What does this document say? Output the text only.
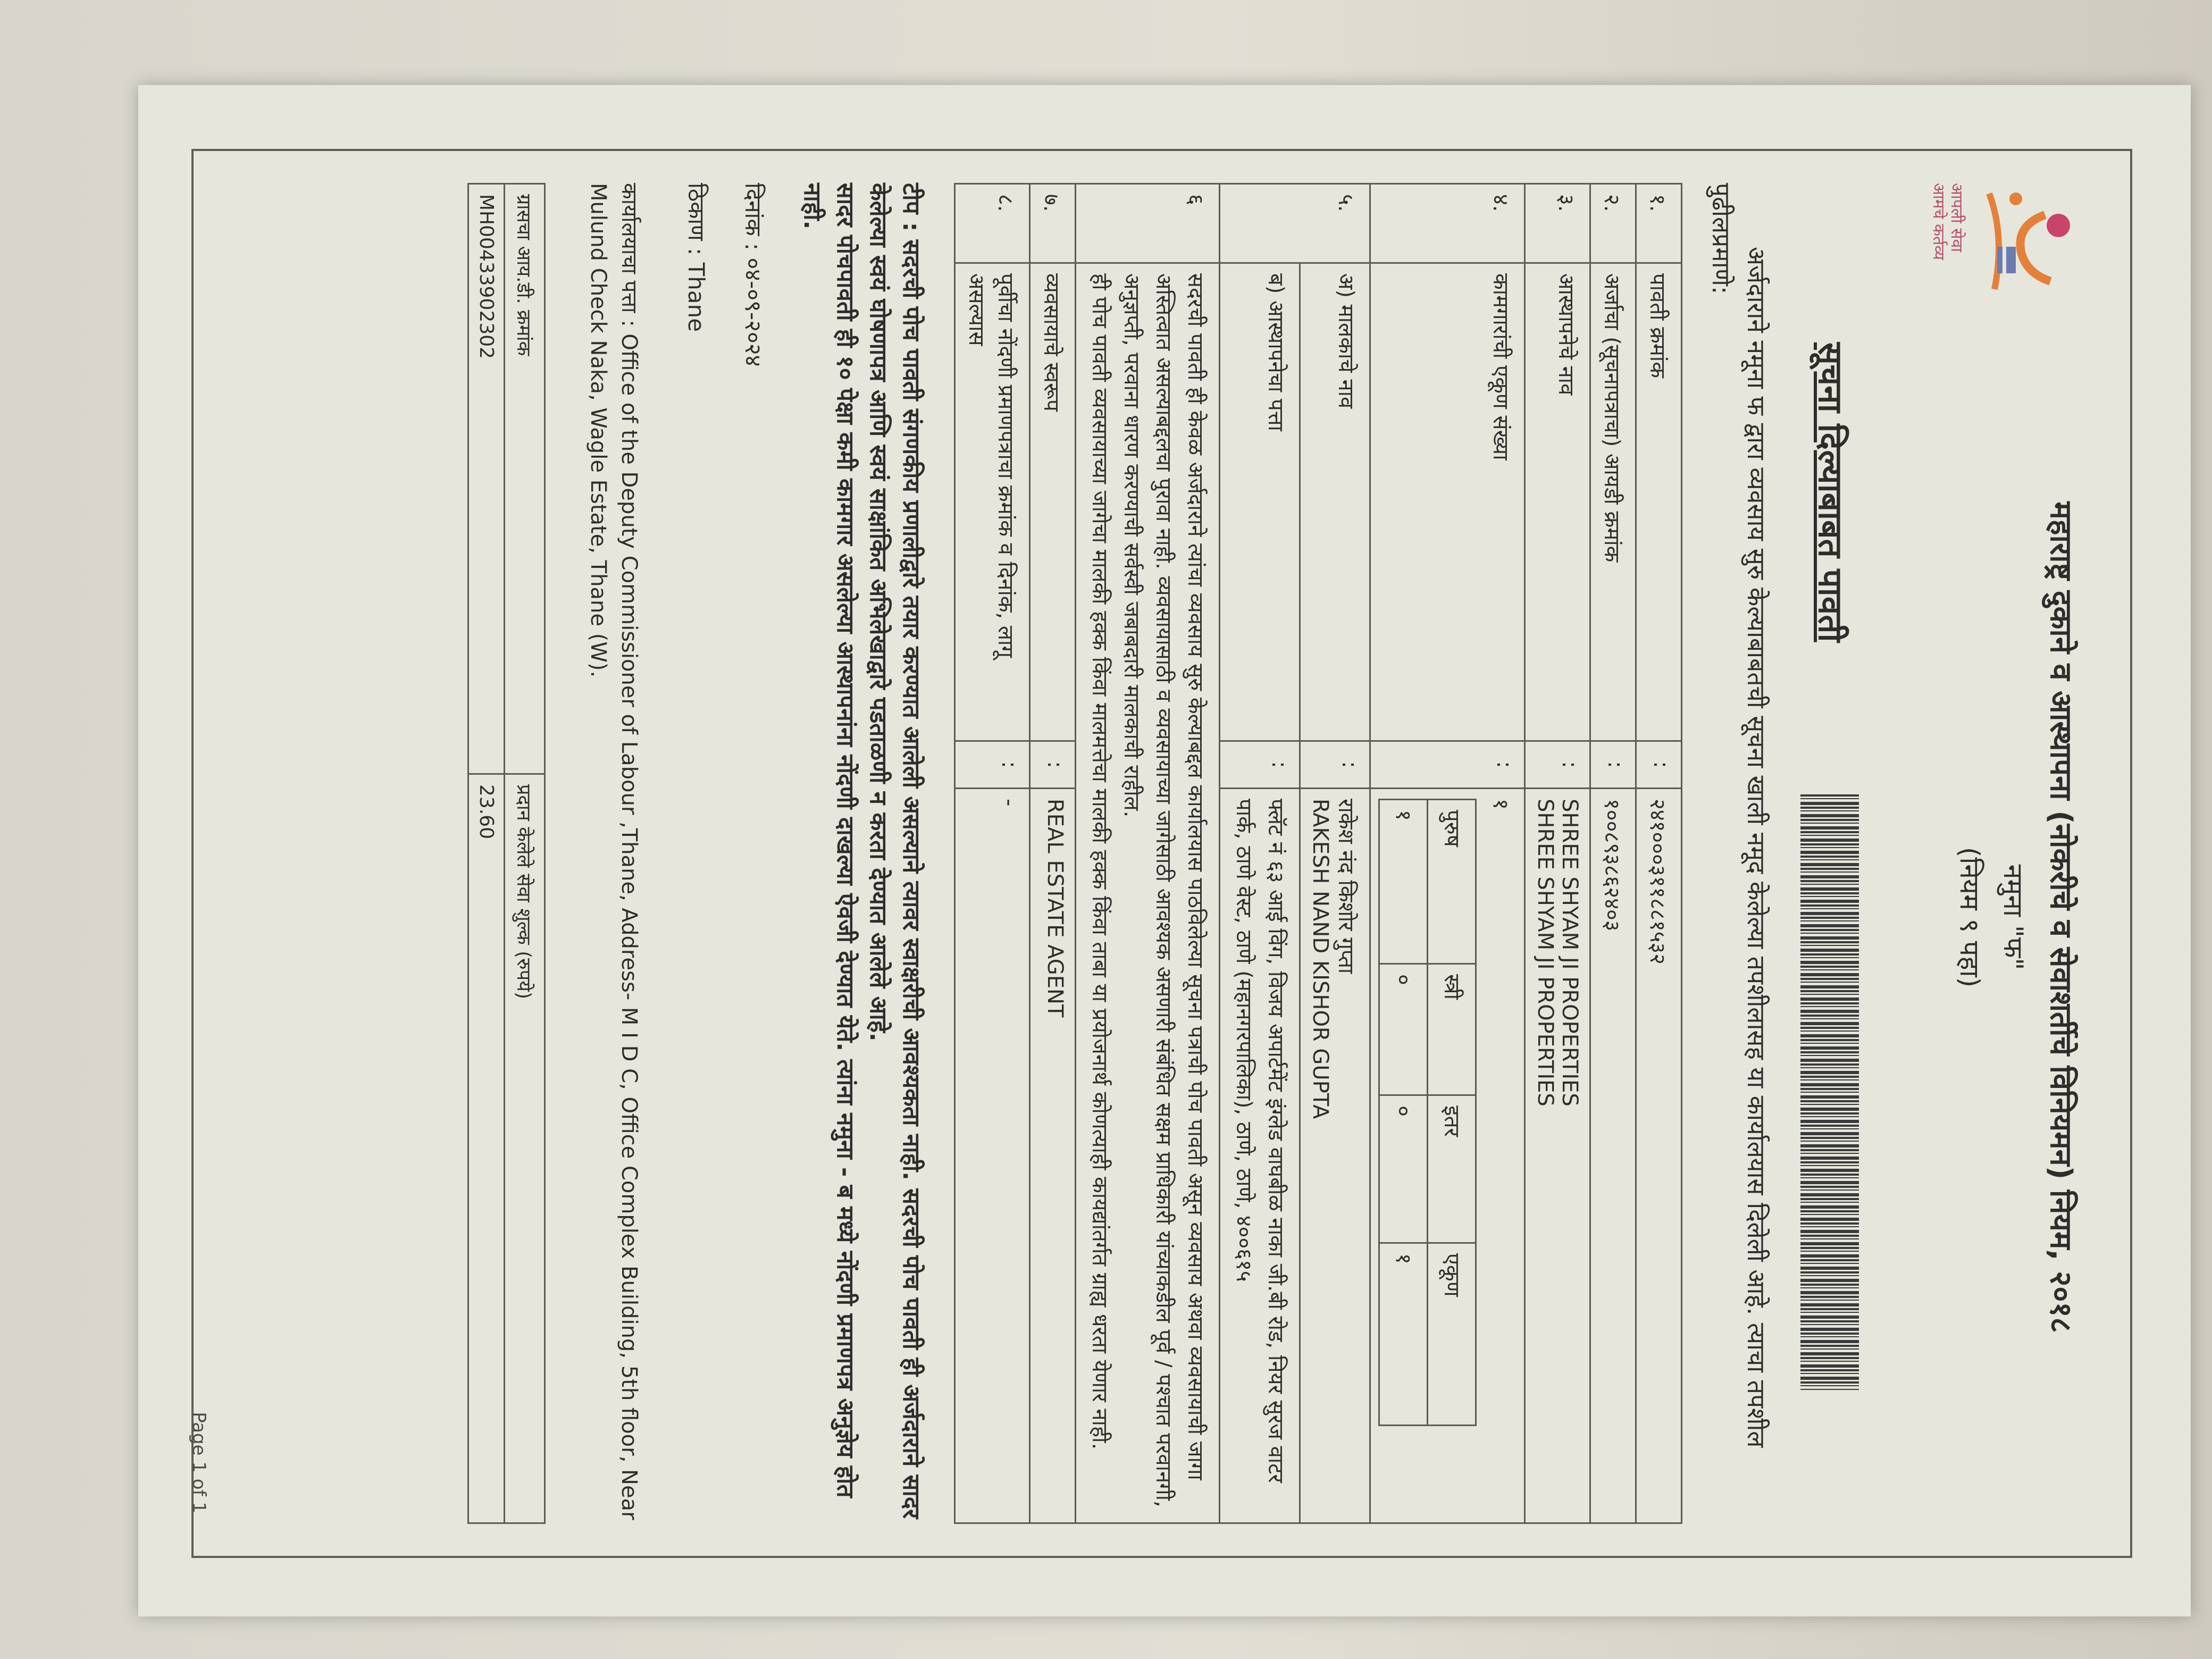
आपली सेवा
आमचे कर्तव्य
महाराष्ट्र दुकाने व आस्थापना (नोकरीचे व सेवाशर्तीचे विनियमन) नियम, २०१८
नमुना "फ"
(नियम ९ पहा)
सूचना दिल्याबाबत पावती
अर्जदाराने नमूना फ द्वारा व्यवसाय सुरु केल्याबाबतची सूचना खाली नमूद केलेल्या तपशीलासह या कार्यालयास दिलेली आहे. त्याचा तपशील पुढीलप्रमाणे:
१.	पावती क्रमांक	:	२४१०००३११८८१५३२
२.	अर्जाचा (सूचनापत्राचा) आयडी क्रमांक	:	१००८९३८६२४०३
३.	आस्थापनेचे नाव	:	
SHREE SHYAM JI PROPERTIES
SHREE SHYAM JI PROPERTIES

४.	कामगारांची एकूण संख्या	:	
१
पुरुष	स्त्री	इतर	एकूण
१	०	०	१

५.	अ) मालकाचे नाव	:	
राकेश नंद किशोर गुप्ता
RAKESH NAND KISHOR GUPTA

ब) आस्थापनेचा पत्ता	:	फ्लॅट नं ६३ आई विंग, विजय अपार्टमेंट इंग्लेड वाघबीळ नाका जी.बी रोड, नियर सुरज वाटर पार्क, ठाणे वेस्ट, ठाणे (महानगरपालिका), ठाणे, ठाणे, ४००६१५
६	
सदरची पावती ही केवळ अर्जदाराने त्यांचा व्यवसाय सुरु केल्याबद्दल कार्यालयास पाठविलेल्या सूचना पत्राची पोच पावती असून व्यवसाय अथवा व्यवसायाची जागा अस्तित्वात असल्याबद्दलचा पुरावा नाही. व्यवसायासाठी व व्यवसायाच्या जागेसाठी आवश्यक असणारी संबंधित सक्षम प्राधिकारी यांच्याकडील पूर्व / पश्चात परवानगी, अनुज्ञप्ती, परवाना धारण करण्याची सर्वस्वी जबाबदारी मालकाची राहील.
ही पोच पावती व्यवसायाच्या जागेचा मालकी हक्क किंवा मालमत्तेचा मालकी हक्क किंवा ताबा या प्रयोजनार्थ कोणत्याही कायद्यांतर्गत ग्राह्य धरता येणार नाही.

७.	व्यवसायाचे स्वरूप	:	REAL ESTATE AGENT
८.	पूर्वीचा नोंदणी प्रमाणपत्राचा क्रमांक व दिनांक, लागू असल्यास	:	-
टीप : सदरची पोच पावती संगणकीय प्रणालीद्वारे तयार करण्यात आलेली असल्याने त्यावर स्वाक्षरीची आवश्यकता नाही. सदरची पोच पावती ही अर्जदाराने सादर केलेल्या स्वयं घोषणापत्र आणि स्वयं साक्षांकित अभिलेखाद्वारे पडताळणी न करता देण्यात आलेले आहे.
सादर पोचपावती ही १० पेक्षा कमी कामगार असलेल्या आस्थापनांना नोंदणी दाखल्या ऐवजी देण्यात येते. त्यांना नमुना - ब मध्ये नोंदणी प्रमाणपत्र अनुज्ञेय होत नाही.
दिनांक : ०४-०९-२०२४
ठिकाण : Thane
कार्यालयाचा पत्ता : Office of the Deputy Commissioner of Labour ,Thane, Address- M I D C, Office Complex Building, 5th floor, Near Mulund Check Naka, Wagle Estate, Thane (W).
ग्रासचा आय.डी. क्रमांक	प्रदान केलेले सेवा शुल्क (रुपये)
MH00433902302	23.60
Page 1 of 1
